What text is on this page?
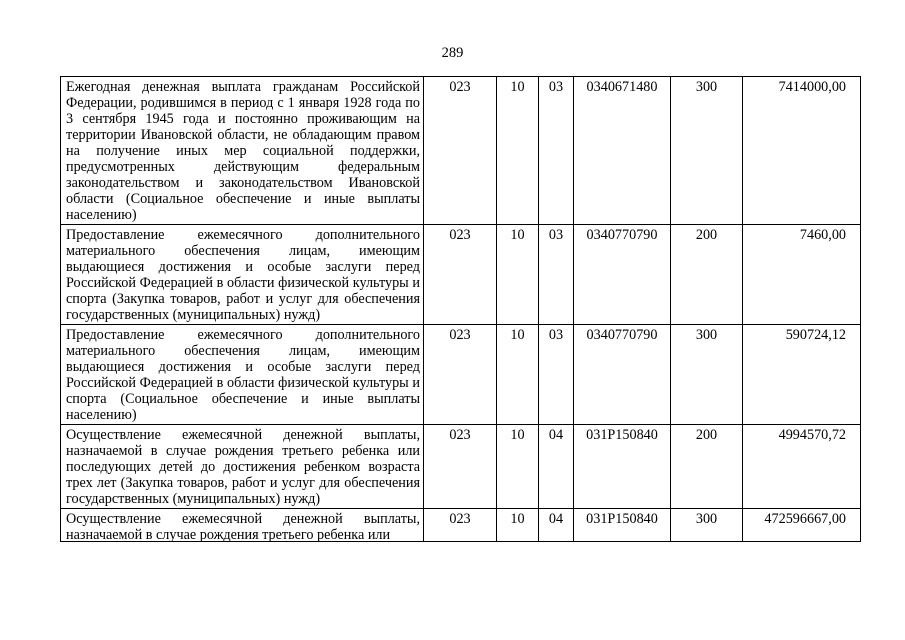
289
Ежегодная денежная выплата гражданам Российской Федерации, родившимся в период с 1 января 1928 года по 3 сентября 1945 года и постоянно проживающим на территории Ивановской области, не обладающим правом на получение иных мер социальной поддержки, предусмотренных действующим федеральным законодательством и законодательством Ивановской области (Социальное обеспечение и иные выплаты населению)	023	10	03	0340671480	300	7414000,00
Предоставление ежемесячного дополнительного материального обеспечения лицам, имеющим выдающиеся достижения и особые заслуги перед Российской Федерацией в области физической культуры и спорта (Закупка товаров, работ и услуг для обеспечения государственных (муниципальных) нужд)	023	10	03	0340770790	200	7460,00
Предоставление ежемесячного дополнительного материального обеспечения лицам, имеющим выдающиеся достижения и особые заслуги перед Российской Федерацией в области физической культуры и спорта (Социальное обеспечение и иные выплаты населению)	023	10	03	0340770790	300	590724,12
Осуществление ежемесячной денежной выплаты, назначаемой в случае рождения третьего ребенка или последующих детей до достижения ребенком возраста трех лет (Закупка товаров, работ и услуг для обеспечения государственных (муниципальных) нужд)	023	10	04	031P150840	200	4994570,72

Осуществление ежемесячной денежной выплаты, назначаемой в случае рождения третьего ребенка или	023	10	04	031P150840	300	472596667,00
